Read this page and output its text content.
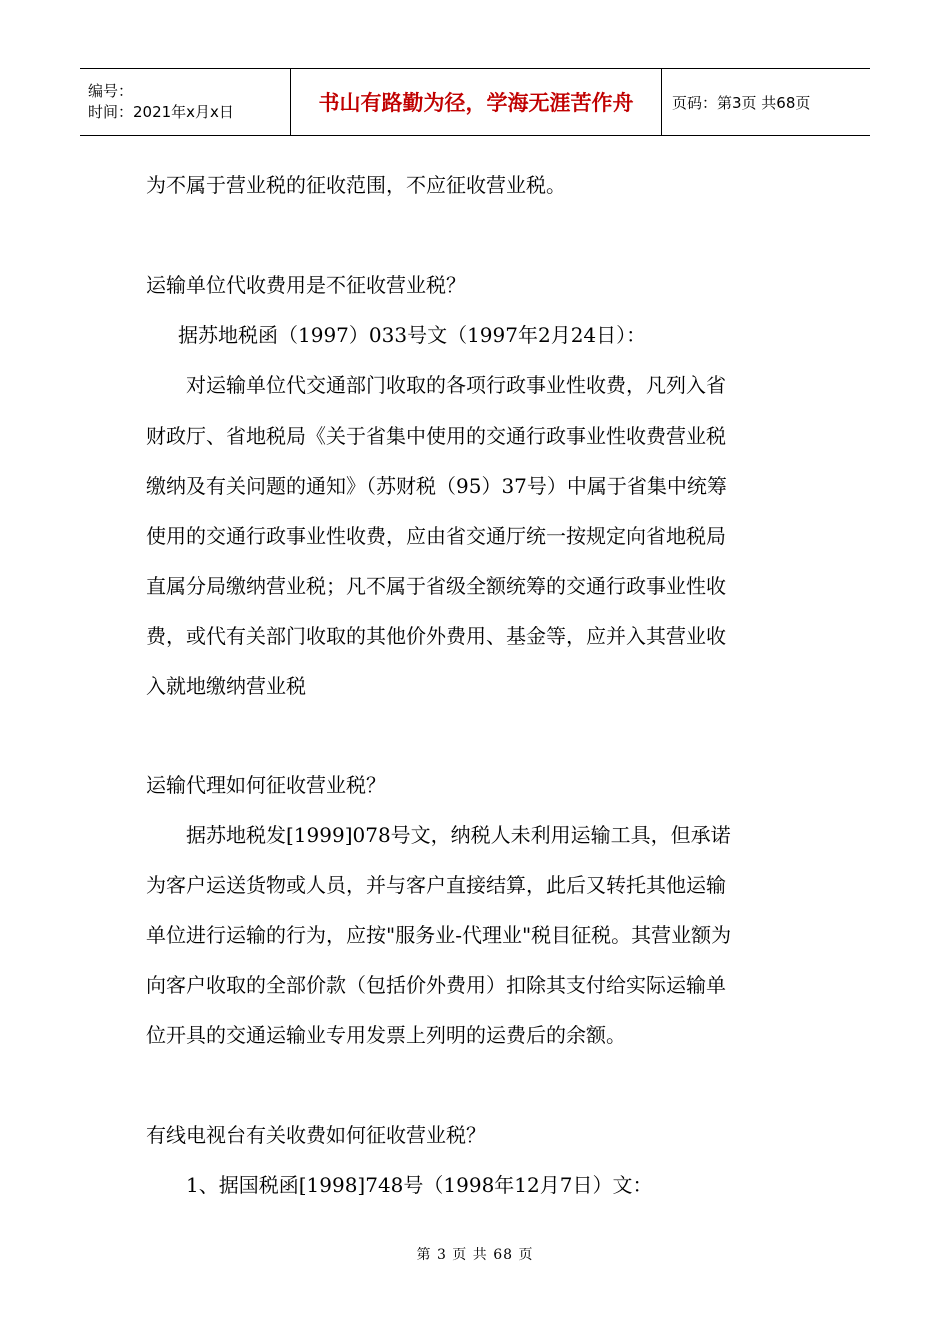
编号：
时间：2021年x月x日	书山有路勤为径，学海无涯苦作舟	页码：第3页 共68页
为不属于营业税的征收范围，不应征收营业税。
运输单位代收费用是不征收营业税？
据苏地税函（1997）033号文（1997年2月24日）：
对运输单位代交通部门收取的各项行政事业性收费，凡列入省
财政厅、省地税局《关于省集中使用的交通行政事业性收费营业税
缴纳及有关问题的通知》（苏财税（95）37号）中属于省集中统筹
使用的交通行政事业性收费，应由省交通厅统一按规定向省地税局
直属分局缴纳营业税；凡不属于省级全额统筹的交通行政事业性收
费，或代有关部门收取的其他价外费用、基金等，应并入其营业收
入就地缴纳营业税
运输代理如何征收营业税？
据苏地税发[1999]078号文，纳税人未利用运输工具，但承诺
为客户运送货物或人员，并与客户直接结算，此后又转托其他运输
单位进行运输的行为，应按"服务业-代理业"税目征税。其营业额为
向客户收取的全部价款（包括价外费用）扣除其支付给实际运输单
位开具的交通运输业专用发票上列明的运费后的余额。
有线电视台有关收费如何征收营业税？
1、据国税函[1998]748号（1998年12月7日）文：
第 3 页 共 68 页
